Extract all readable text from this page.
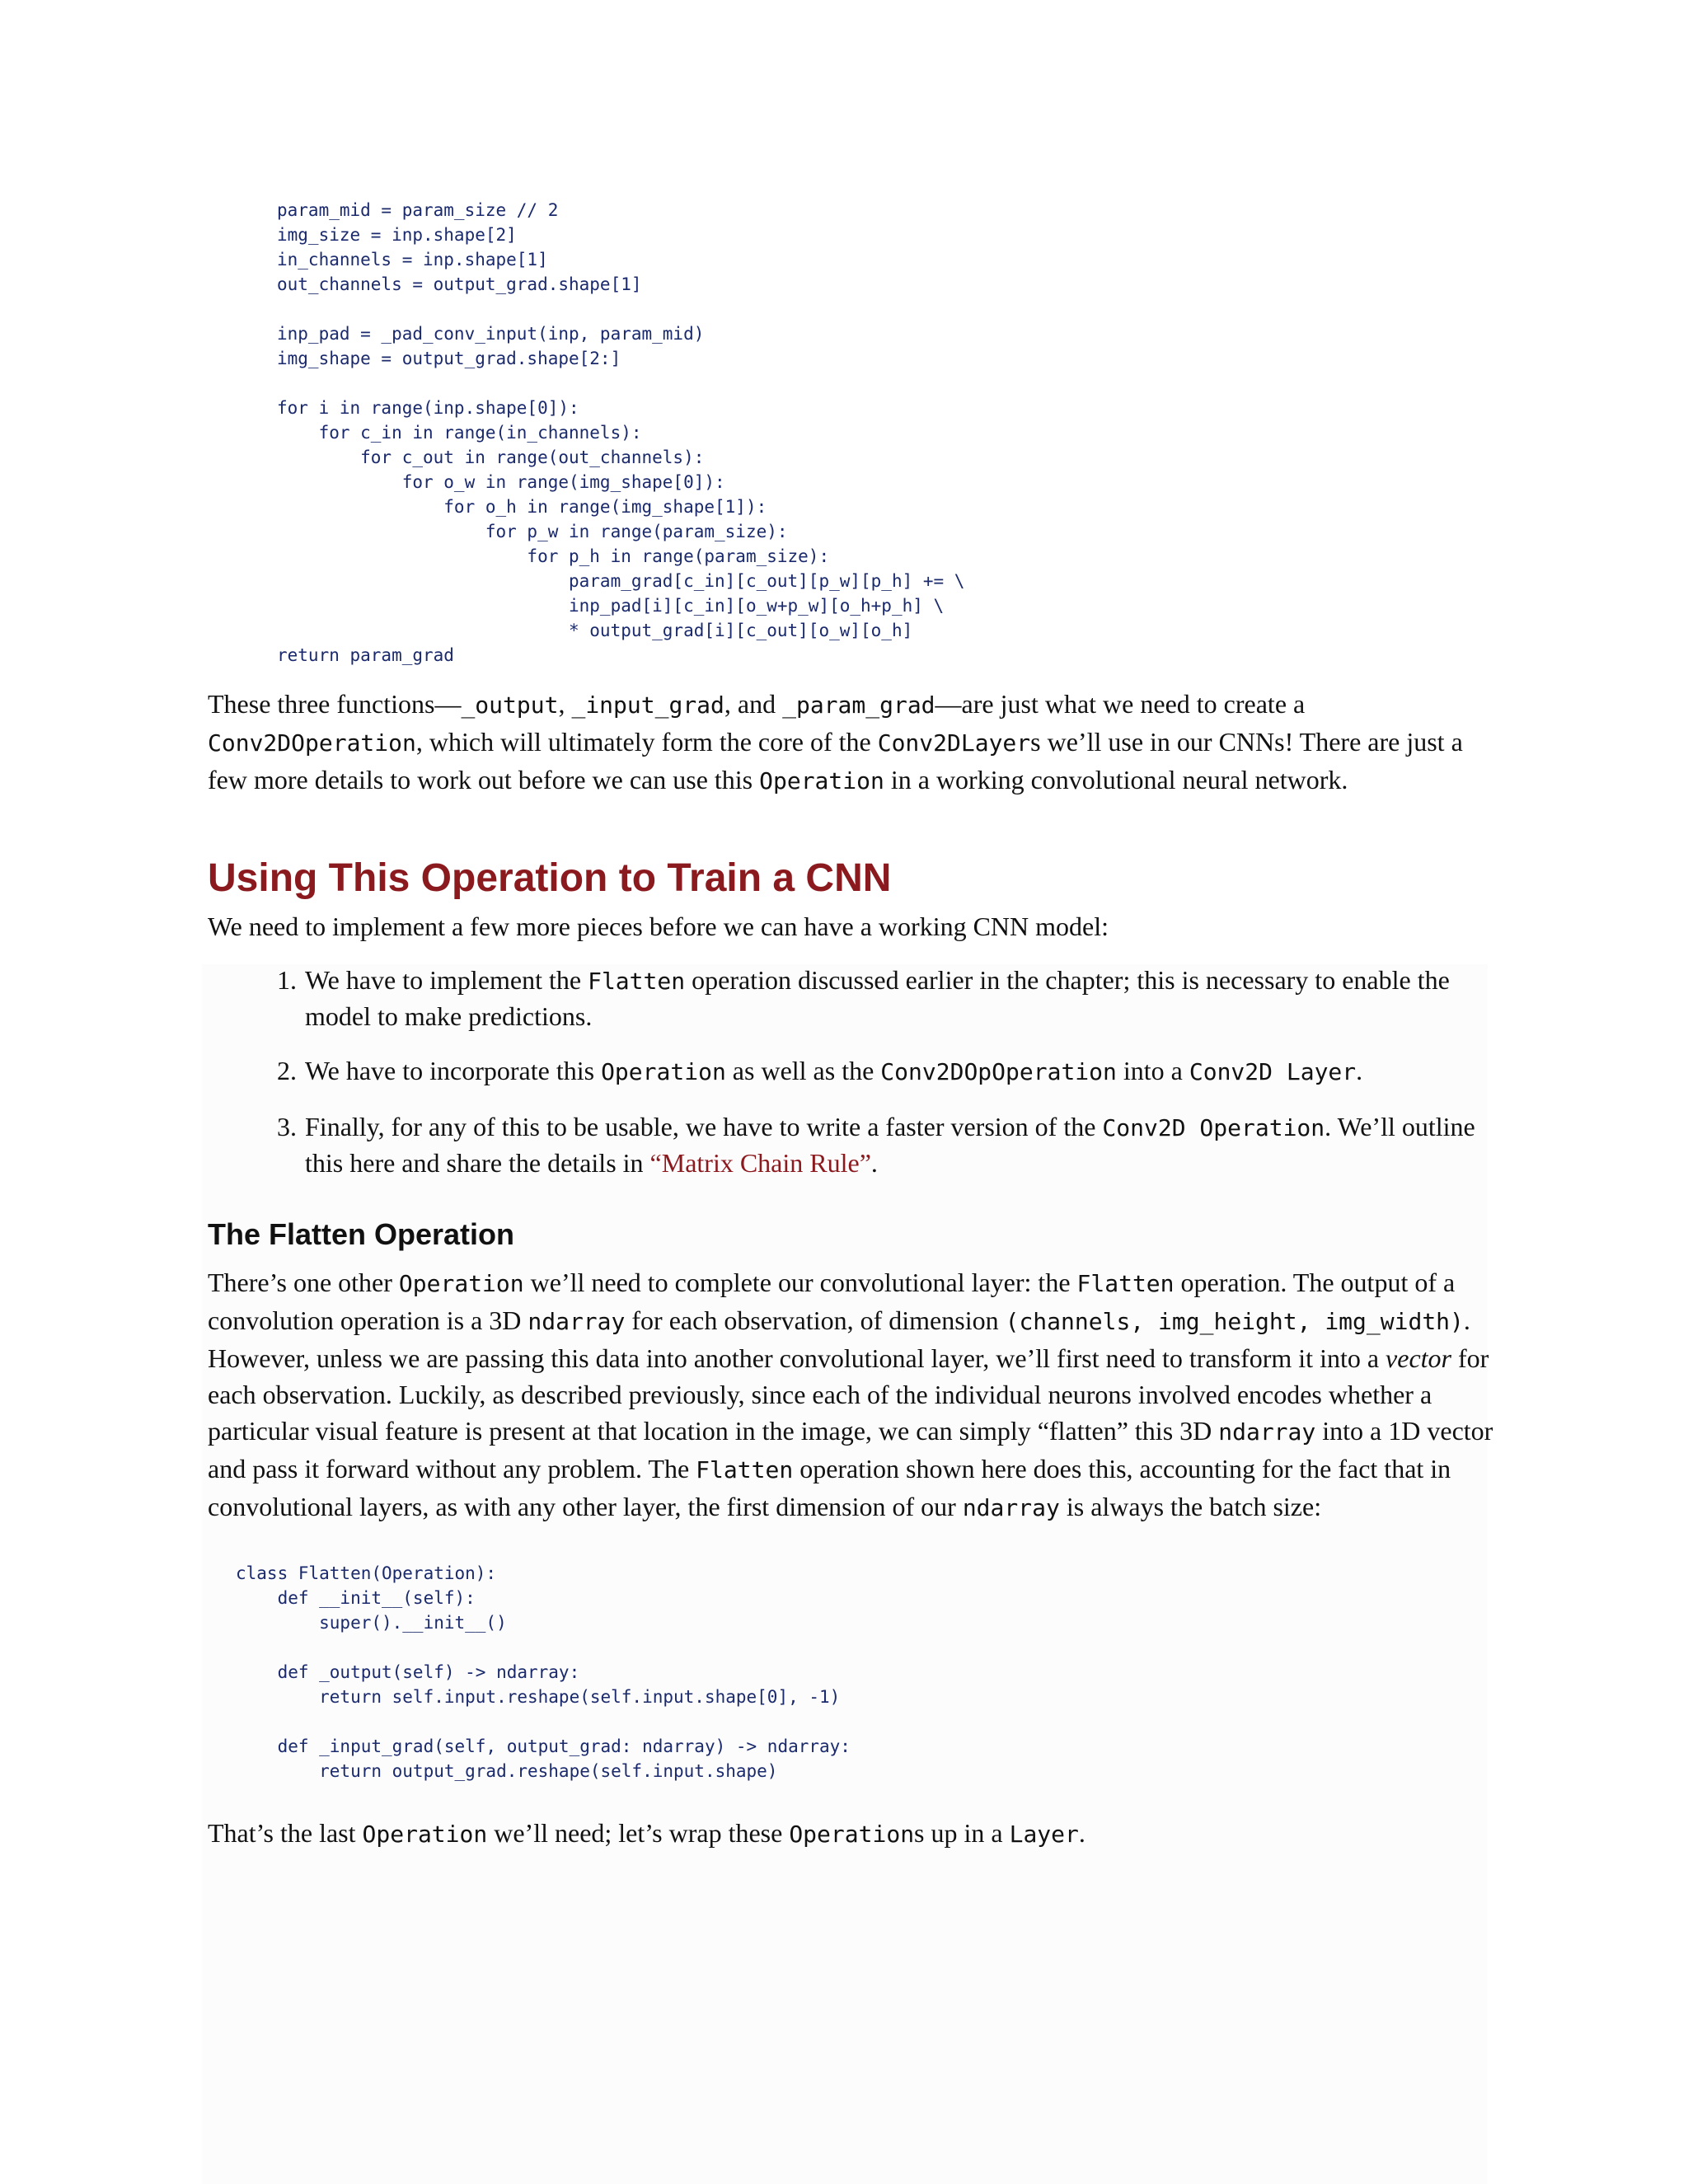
param_mid = param_size // 2
img_size = inp.shape[2]
in_channels = inp.shape[1]
out_channels = output_grad.shape[1]

inp_pad = _pad_conv_input(inp, param_mid)
img_shape = output_grad.shape[2:]

for i in range(inp.shape[0]):
for c_in in range(in_channels):
for c_out in range(out_channels):
for o_w in range(img_shape[0]):
for o_h in range(img_shape[1]):
for p_w in range(param_size):
for p_h in range(param_size):
param_grad[c_in][c_out][p_w][p_h] += \
inp_pad[i][c_in][o_w+p_w][o_h+p_h] \
* output_grad[i][c_out][o_w][o_h]
return param_grad

These three functions—_output, _input_grad, and _param_grad—are just what we need to create a Conv2DOperation, which will ultimately form the core of the Conv2DLayers we’ll use in our CNNs! There are just a few more details to work out before we can use this Operation in a working convolutional neural network.

Using This Operation to Train a CNN

We need to implement a few more pieces before we can have a working CNN model:

1. We have to implement the Flatten operation discussed earlier in the chapter; this is necessary to enable the model to make predictions.
2. We have to incorporate this Operation as well as the Conv2DOpOperation into a Conv2D Layer.
3. Finally, for any of this to be usable, we have to write a faster version of the Conv2D Operation. We’ll outline this here and share the details in “Matrix Chain Rule”.
The Flatten Operation

There’s one other Operation we’ll need to complete our convolutional layer: the Flatten operation. The output of a convolution operation is a 3D ndarray for each observation, of dimension (channels, img_height, img_width). However, unless we are passing this data into another convolutional layer, we’ll first need to transform it into a vector for each observation. Luckily, as described previously, since each of the individual neurons involved encodes whether a particular visual feature is present at that location in the image, we can simply “flatten” this 3D ndarray into a 1D vector and pass it forward without any problem. The Flatten operation shown here does this, accounting for the fact that in convolutional layers, as with any other layer, the first dimension of our ndarray is always the batch size:

class Flatten(Operation):
def __init__(self):
super().__init__()

def _output(self) -> ndarray:
return self.input.reshape(self.input.shape[0], -1)

def _input_grad(self, output_grad: ndarray) -> ndarray:
return output_grad.reshape(self.input.shape)

That’s the last Operation we’ll need; let’s wrap these Operations up in a Layer.
